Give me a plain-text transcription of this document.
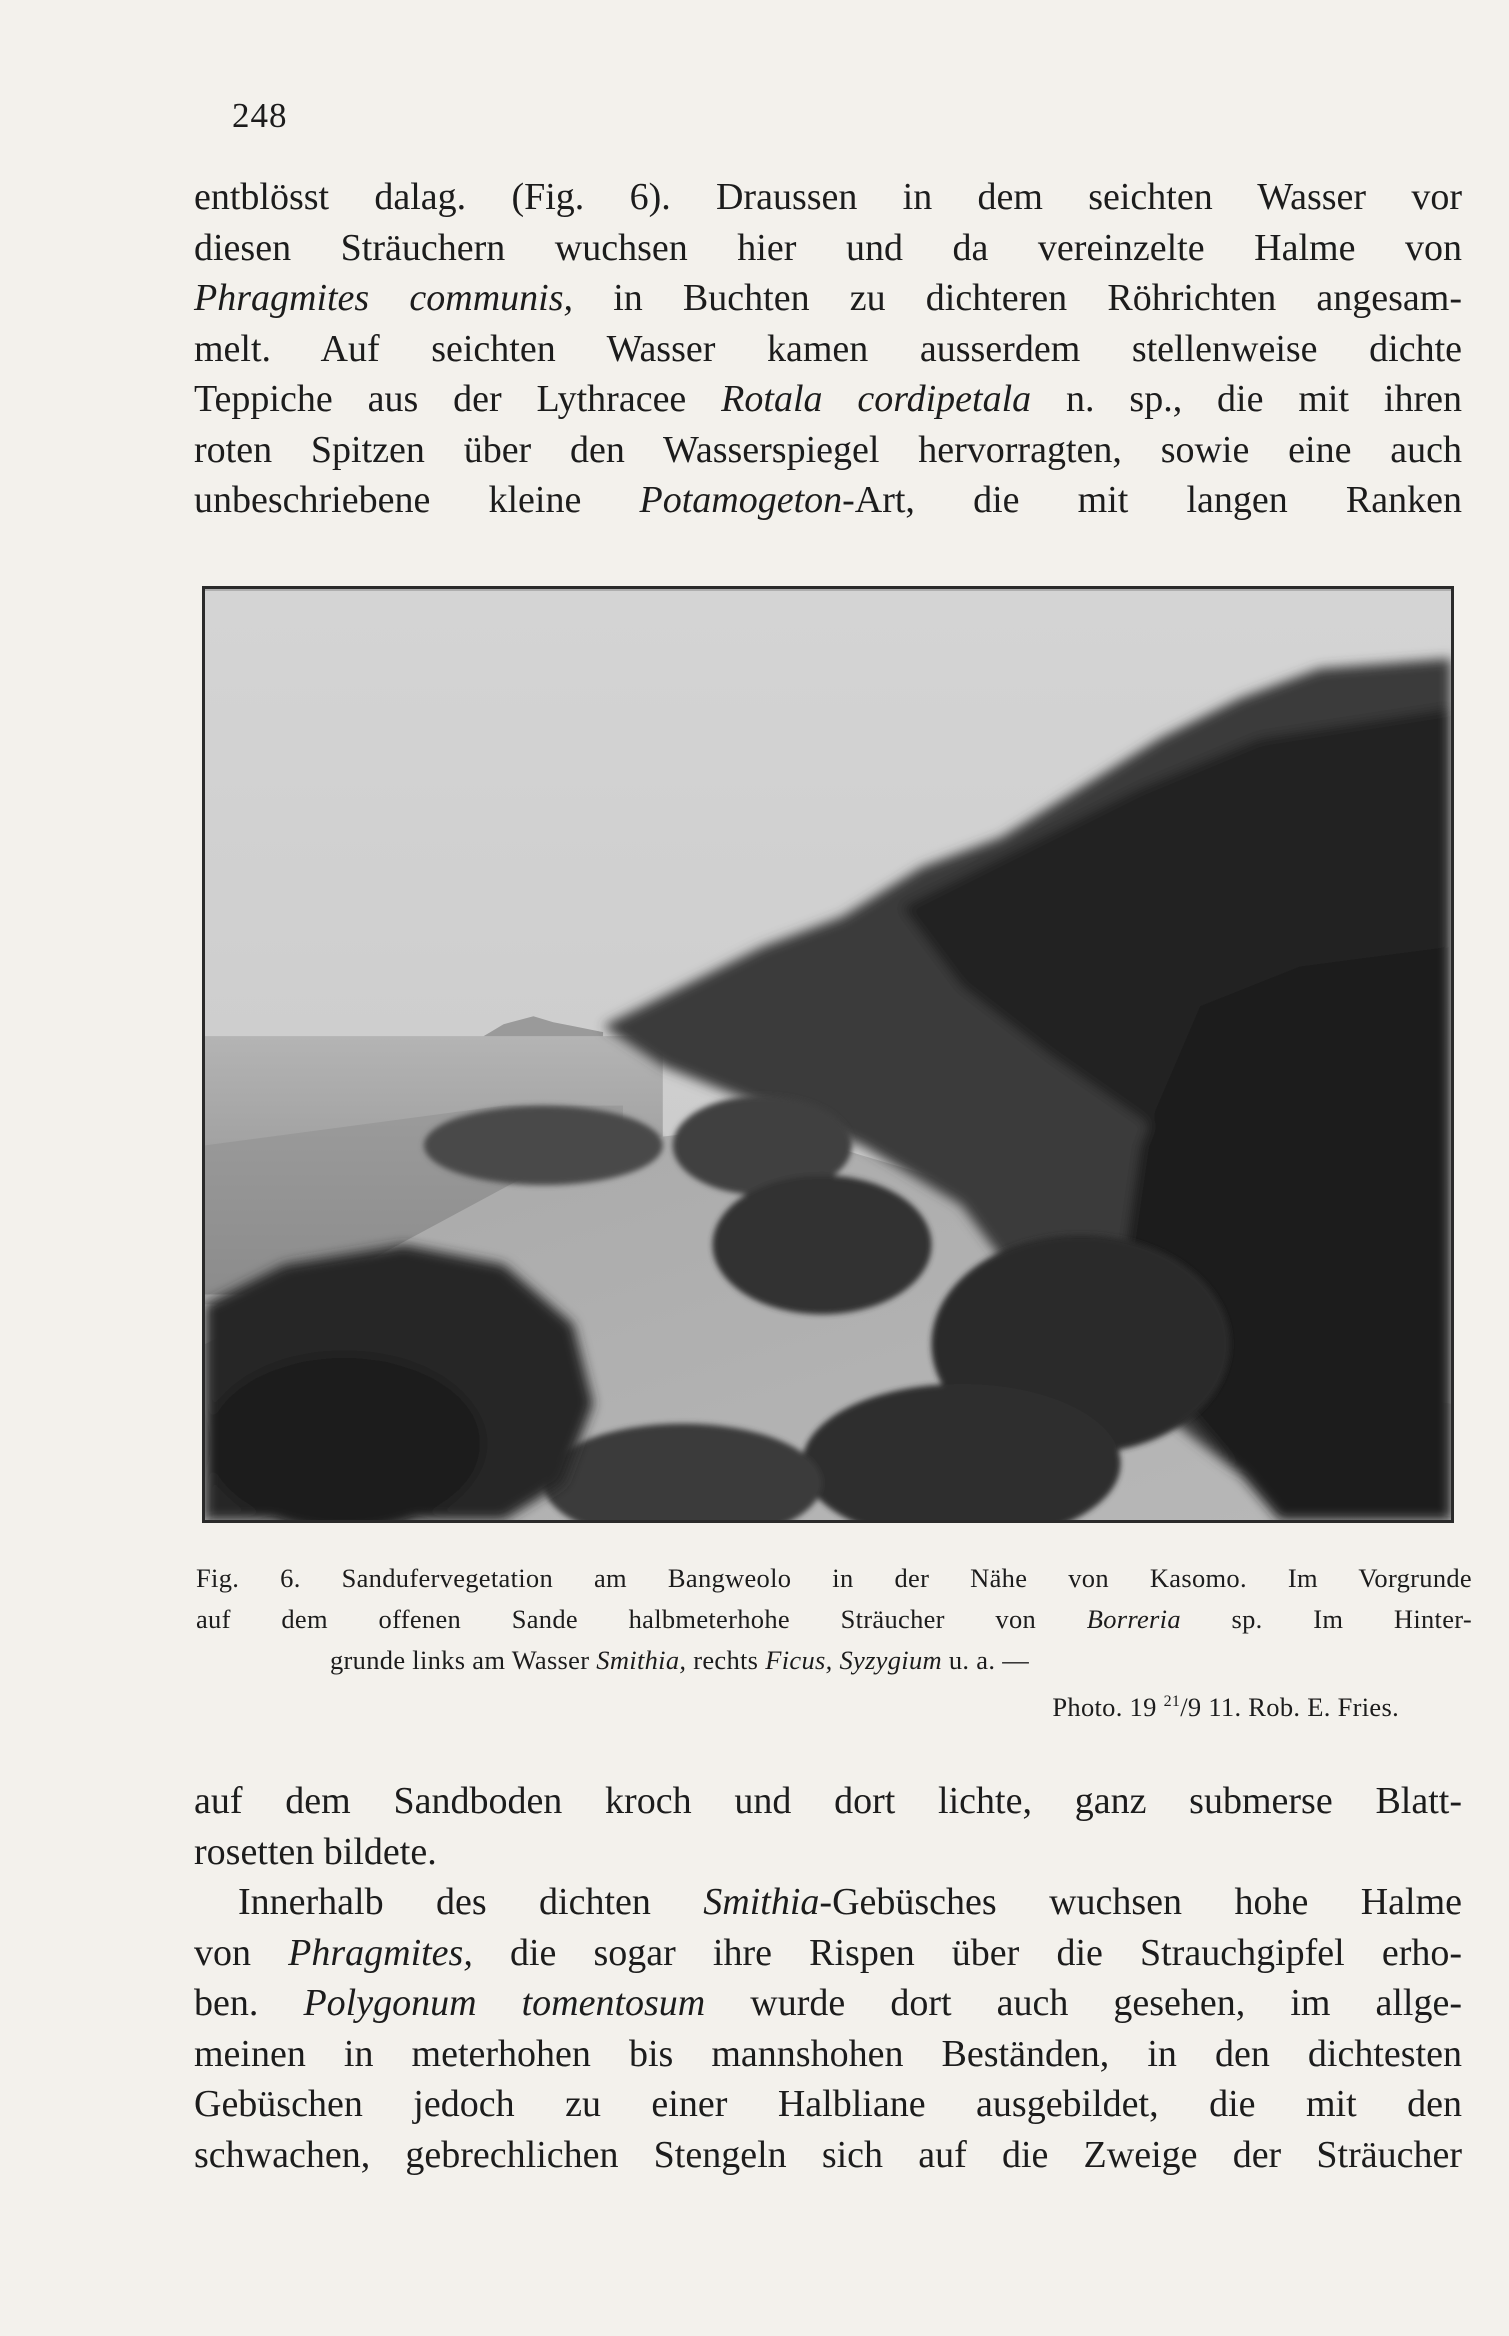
248
entblösst dalag. (Fig. 6). Draussen in dem seichten Wasser vor
diesen Sträuchern wuchsen hier und da vereinzelte Halme von
Phragmites communis, in Buchten zu dichteren Röhrichten angesam-
melt. Auf seichten Wasser kamen ausserdem stellenweise dichte
Teppiche aus der Lythracee Rotala cordipetala n. sp., die mit ihren
roten Spitzen über den Wasserspiegel hervorragten, sowie eine auch
unbeschriebene kleine Potamogeton-Art, die mit langen Ranken
Fig. 6. Sandufervegetation am Bangweolo in der Nähe von Kasomo. Im Vorgrunde
auf dem offenen Sande halbmeterhohe Sträucher von Borreria sp. Im Hinter-
grunde links am Wasser Smithia, rechts Ficus, Syzygium u. a. —
Photo. 19 $^{21}$/9 11. Rob. E. Fries.
auf dem Sandboden kroch und dort lichte, ganz submerse Blatt-
rosetten bildete.
Innerhalb des dichten Smithia-Gebüsches wuchsen hohe Halme
von Phragmites, die sogar ihre Rispen über die Strauchgipfel erho-
ben. Polygonum tomentosum wurde dort auch gesehen, im allge-
meinen in meterhohen bis mannshohen Beständen, in den dichtesten
Gebüschen jedoch zu einer Halbliane ausgebildet, die mit den
schwachen, gebrechlichen Stengeln sich auf die Zweige der Sträucher
